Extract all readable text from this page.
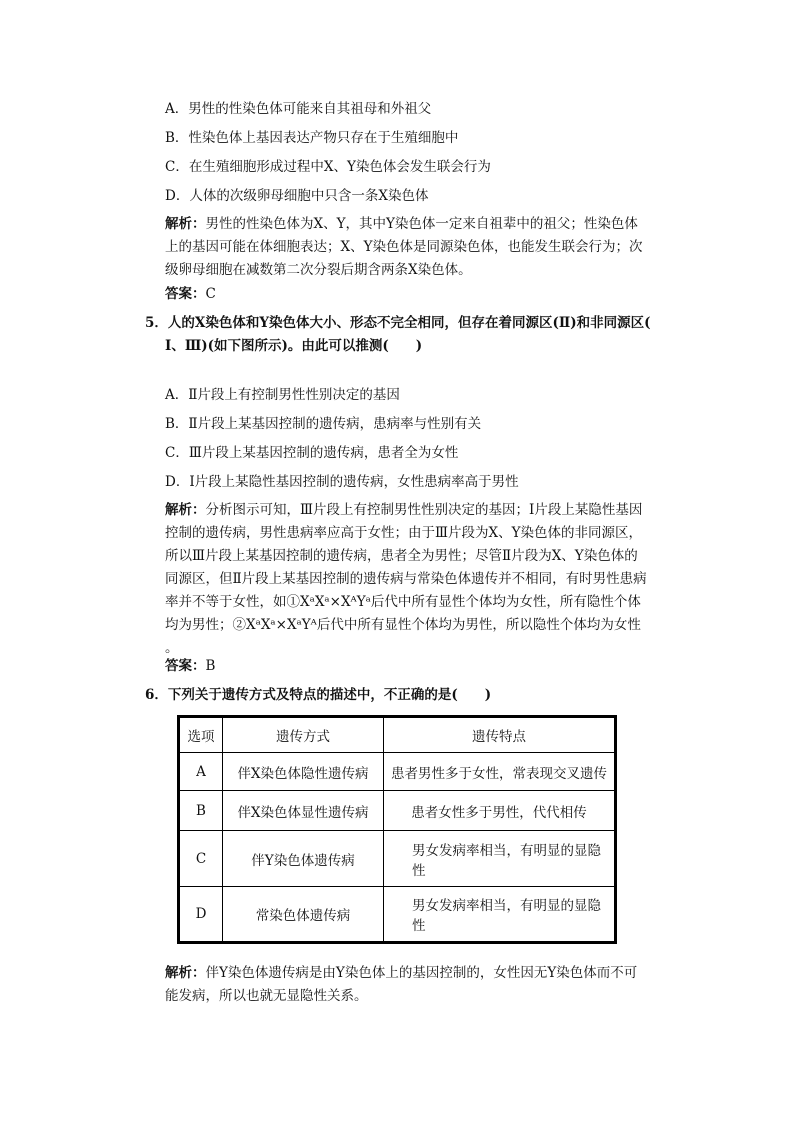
A．男性的性染色体可能来自其祖母和外祖父
B．性染色体上基因表达产物只存在于生殖细胞中
C．在生殖细胞形成过程中X、Y染色体会发生联会行为
D．人体的次级卵母细胞中只含一条X染色体
解析：男性的性染色体为X、Y，其中Y染色体一定来自祖辈中的祖父；性染色体
上的基因可能在体细胞表达；X、Y染色体是同源染色体，也能发生联会行为；次
级卵母细胞在减数第二次分裂后期含两条X染色体。
答案：C
5．人的X染色体和Y染色体大小、形态不完全相同，但存在着同源区(Ⅱ)和非同源区(
Ⅰ、Ⅲ)(如下图所示)。由此可以推测(　　)
A．Ⅱ片段上有控制男性性别决定的基因
B．Ⅱ片段上某基因控制的遗传病，患病率与性别有关
C．Ⅲ片段上某基因控制的遗传病，患者全为女性
D．Ⅰ片段上某隐性基因控制的遗传病，女性患病率高于男性
解析：分析图示可知，Ⅲ片段上有控制男性性别决定的基因；Ⅰ片段上某隐性基因
控制的遗传病，男性患病率应高于女性；由于Ⅲ片段为X、Y染色体的非同源区，
所以Ⅲ片段上某基因控制的遗传病，患者全为男性；尽管Ⅱ片段为X、Y染色体的
同源区，但Ⅱ片段上某基因控制的遗传病与常染色体遗传并不相同，有时男性患病
率并不等于女性，如①XᵃXᵃ×XᴬYᵃ后代中所有显性个体均为女性，所有隐性个体
均为男性；②XᵃXᵃ×XᵃYᴬ后代中所有显性个体均为男性，所以隐性个体均为女性
。
答案：B
6．下列关于遗传方式及特点的描述中，不正确的是(　　)
选项	遗传方式	遗传特点
A	伴X染色体隐性遗传病	患者男性多于女性，常表现交叉遗传
B	伴X染色体显性遗传病	患者女性多于男性，代代相传
C	伴Y染色体遗传病	男女发病率相当，有明显的显隐性
D	常染色体遗传病	男女发病率相当，有明显的显隐性
解析：伴Y染色体遗传病是由Y染色体上的基因控制的，女性因无Y染色体而不可
能发病，所以也就无显隐性关系。
